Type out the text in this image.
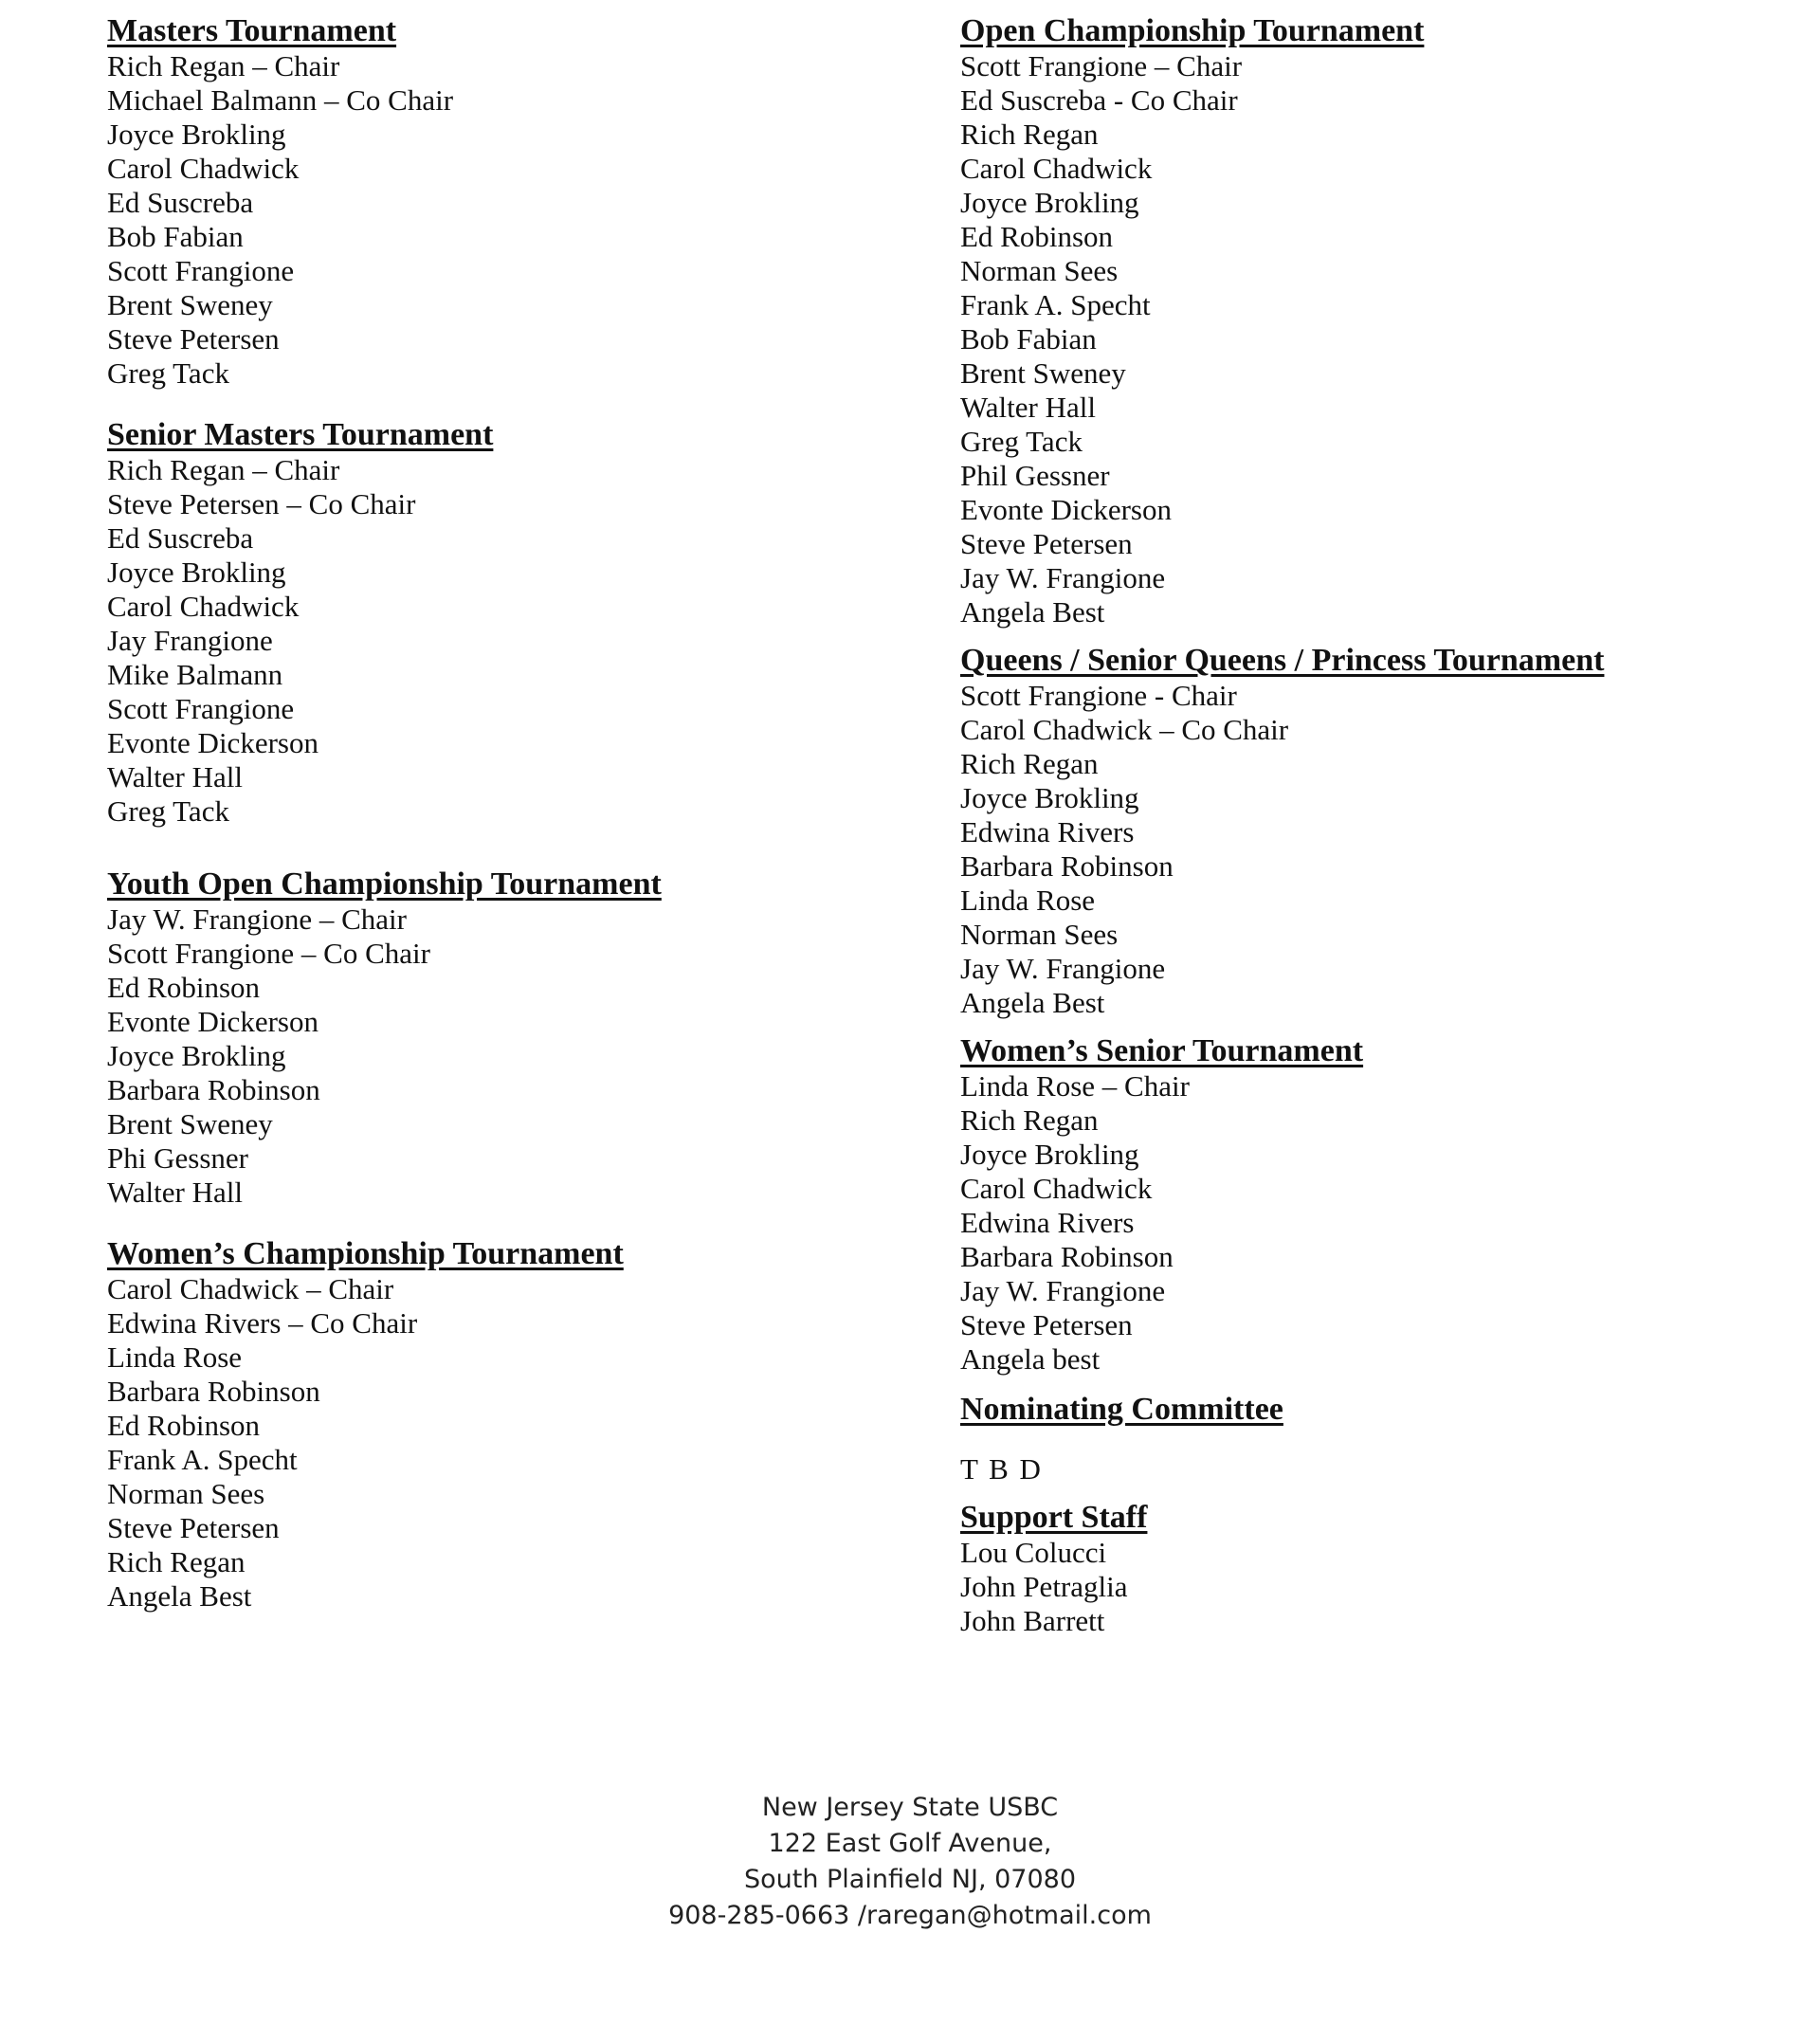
Masters Tournament
Rich Regan – Chair
Michael Balmann – Co Chair
Joyce Brokling
Carol Chadwick
Ed Suscreba
Bob Fabian
Scott Frangione
Brent Sweney
Steve Petersen
Greg Tack
Senior Masters Tournament
Rich Regan – Chair
Steve Petersen – Co Chair
Ed Suscreba
Joyce Brokling
Carol Chadwick
Jay Frangione
Mike Balmann
Scott Frangione
Evonte Dickerson
Walter Hall
Greg Tack
Youth Open Championship Tournament
Jay W. Frangione – Chair
Scott Frangione – Co Chair
Ed Robinson
Evonte Dickerson
Joyce Brokling
Barbara Robinson
Brent Sweney
Phi Gessner
Walter Hall
Women’s Championship Tournament
Carol Chadwick – Chair
Edwina Rivers – Co Chair
Linda Rose
Barbara Robinson
Ed Robinson
Frank A. Specht
Norman Sees
Steve Petersen
Rich Regan
Angela Best
Open Championship Tournament
Scott Frangione – Chair
Ed Suscreba - Co Chair
Rich Regan
Carol Chadwick
Joyce Brokling
Ed Robinson
Norman Sees
Frank A. Specht
Bob Fabian
Brent Sweney
Walter Hall
Greg Tack
Phil Gessner
Evonte Dickerson
Steve Petersen
Jay W. Frangione
Angela Best
Queens / Senior Queens / Princess Tournament
Scott Frangione - Chair
Carol Chadwick – Co Chair
Rich Regan
Joyce Brokling
Edwina Rivers
Barbara Robinson
Linda Rose
Norman Sees
Jay W. Frangione
Angela Best
Women’s Senior Tournament
Linda Rose – Chair
Rich Regan
Joyce Brokling
Carol Chadwick
Edwina Rivers
Barbara Robinson
Jay W. Frangione
Steve Petersen
Angela best
Nominating Committee
T B D
Support Staff
Lou Colucci
John Petraglia
John Barrett
New Jersey State USBC
122 East Golf Avenue,
South Plainfield NJ, 07080
908-285-0663 /raregan@hotmail.com
